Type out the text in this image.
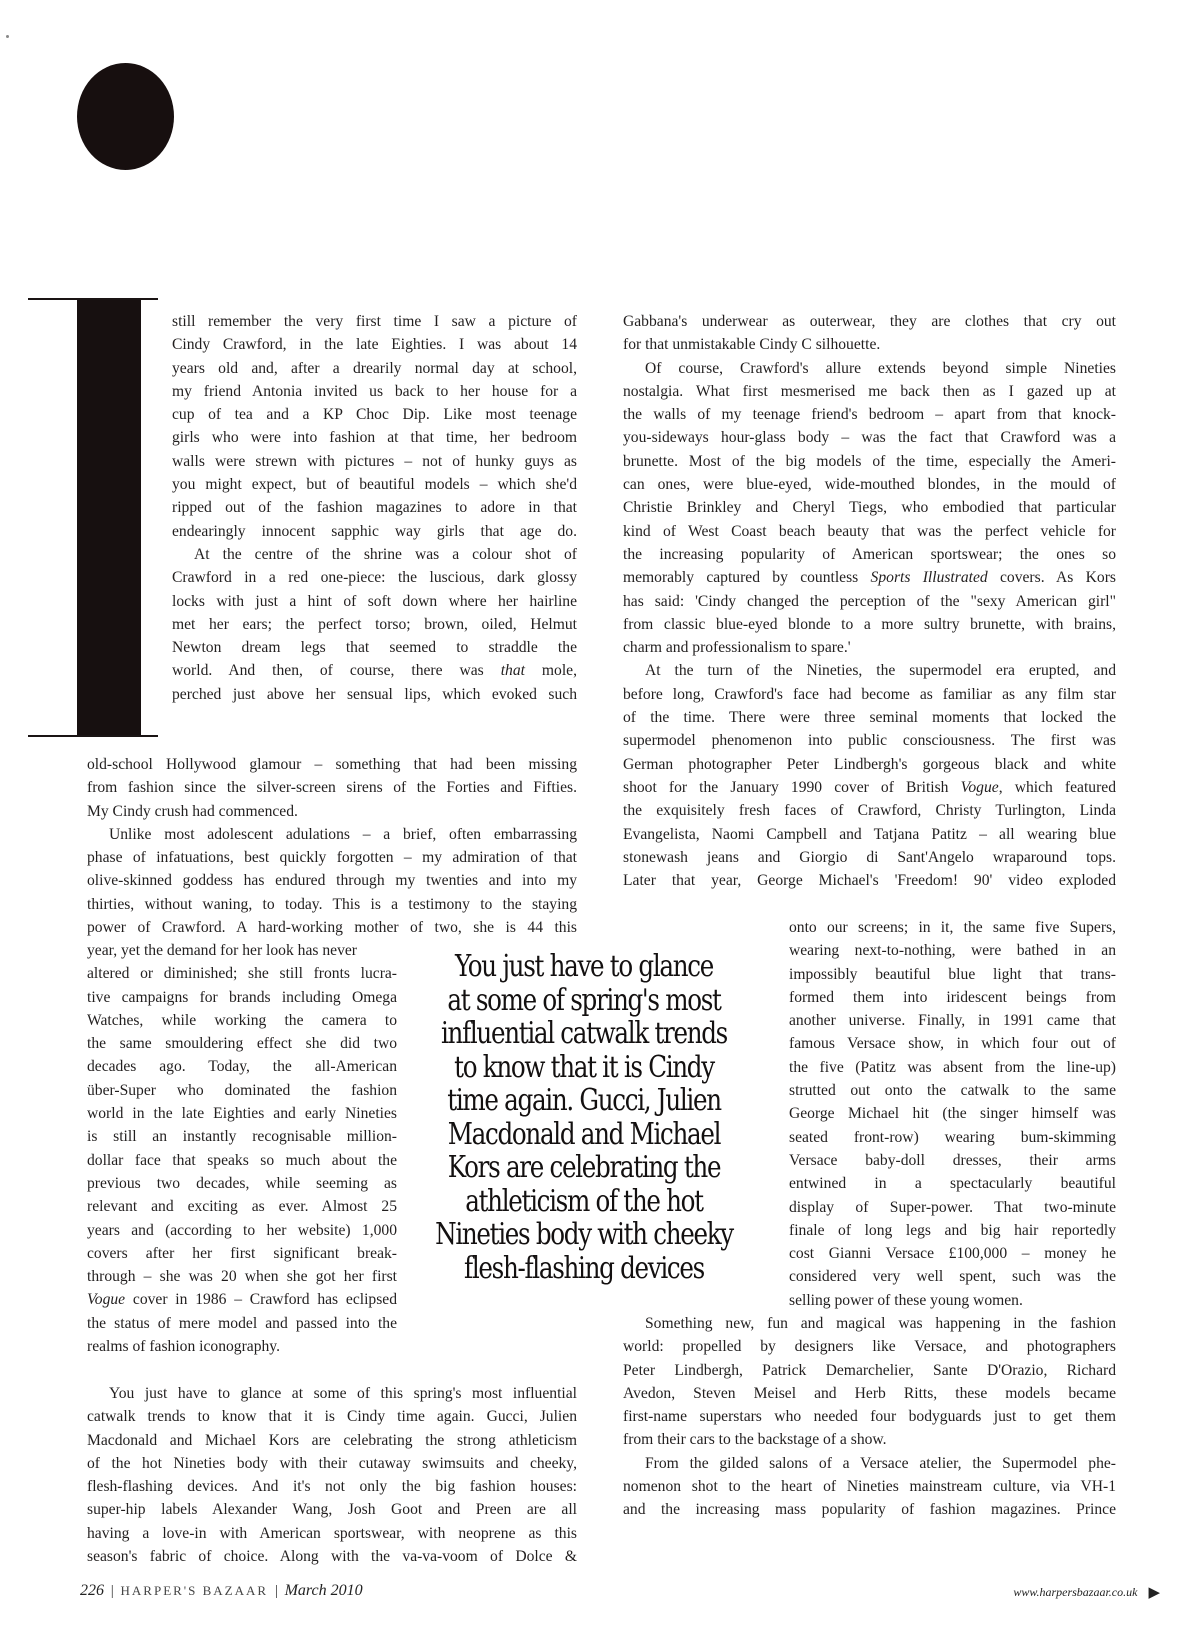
still remember the very first time I saw a picture of
Cindy Crawford, in the late Eighties. I was about 14
years old and, after a drearily normal day at school,
my friend Antonia invited us back to her house for a
cup of tea and a KP Choc Dip. Like most teenage
girls who were into fashion at that time, her bedroom
walls were strewn with pictures – not of hunky guys as
you might expect, but of beautiful models – which she'd
ripped out of the fashion magazines to adore in that
endearingly innocent sapphic way girls that age do.
At the centre of the shrine was a colour shot of
Crawford in a red one-piece: the luscious, dark glossy
locks with just a hint of soft down where her hairline
met her ears; the perfect torso; brown, oiled, Helmut
Newton dream legs that seemed to straddle the
world. And then, of course, there was that mole,
perched just above her sensual lips, which evoked such
old-school Hollywood glamour – something that had been missing
from fashion since the silver-screen sirens of the Forties and Fifties.
My Cindy crush had commenced.
Unlike most adolescent adulations – a brief, often embarrassing
phase of infatuations, best quickly forgotten – my admiration of that
olive-skinned goddess has endured through my twenties and into my
thirties, without waning, to today. This is a testimony to the staying
power of Crawford. A hard-working mother of two, she is 44 this
year, yet the demand for her look has never
altered or diminished; she still fronts lucra-
tive campaigns for brands including Omega
Watches, while working the camera to
the same smouldering effect she did two
decades ago. Today, the all-American
über-Super who dominated the fashion
world in the late Eighties and early Nineties
is still an instantly recognisable million-
dollar face that speaks so much about the
previous two decades, while seeming as
relevant and exciting as ever. Almost 25
years and (according to her website) 1,000
covers after her first significant break-
through – she was 20 when she got her first
Vogue cover in 1986 – Crawford has eclipsed
the status of mere model and passed into the
realms of fashion iconography.
You just have to glance at some of this spring's most influential
catwalk trends to know that it is Cindy time again. Gucci, Julien
Macdonald and Michael Kors are celebrating the strong athleticism
of the hot Nineties body with their cutaway swimsuits and cheeky,
flesh-flashing devices. And it's not only the big fashion houses:
super-hip labels Alexander Wang, Josh Goot and Preen are all
having a love-in with American sportswear, with neoprene as this
season's fabric of choice. Along with the va-va-voom of Dolce &
Gabbana's underwear as outerwear, they are clothes that cry out
for that unmistakable Cindy C silhouette.
Of course, Crawford's allure extends beyond simple Nineties
nostalgia. What first mesmerised me back then as I gazed up at
the walls of my teenage friend's bedroom – apart from that knock-
you-sideways hour-glass body – was the fact that Crawford was a
brunette. Most of the big models of the time, especially the Ameri-
can ones, were blue-eyed, wide-mouthed blondes, in the mould of
Christie Brinkley and Cheryl Tiegs, who embodied that particular
kind of West Coast beach beauty that was the perfect vehicle for
the increasing popularity of American sportswear; the ones so
memorably captured by countless Sports Illustrated covers. As Kors
has said: 'Cindy changed the perception of the "sexy American girl"
from classic blue-eyed blonde to a more sultry brunette, with brains,
charm and professionalism to spare.'
At the turn of the Nineties, the supermodel era erupted, and
before long, Crawford's face had become as familiar as any film star
of the time. There were three seminal moments that locked the
supermodel phenomenon into public consciousness. The first was
German photographer Peter Lindbergh's gorgeous black and white
shoot for the January 1990 cover of British Vogue, which featured
the exquisitely fresh faces of Crawford, Christy Turlington, Linda
Evangelista, Naomi Campbell and Tatjana Patitz – all wearing blue
stonewash jeans and Giorgio di Sant'Angelo wraparound tops.
Later that year, George Michael's 'Freedom! 90' video exploded
onto our screens; in it, the same five Supers,
wearing next-to-nothing, were bathed in an
impossibly beautiful blue light that trans-
formed them into iridescent beings from
another universe. Finally, in 1991 came that
famous Versace show, in which four out of
the five (Patitz was absent from the line-up)
strutted out onto the catwalk to the same
George Michael hit (the singer himself was
seated front-row) wearing bum-skimming
Versace baby-doll dresses, their arms
entwined in a spectacularly beautiful
display of Super-power. That two-minute
finale of long legs and big hair reportedly
cost Gianni Versace £100,000 – money he
considered very well spent, such was the
selling power of these young women.
Something new, fun and magical was happening in the fashion
world: propelled by designers like Versace, and photographers
Peter Lindbergh, Patrick Demarchelier, Sante D'Orazio, Richard
Avedon, Steven Meisel and Herb Ritts, these models became
first-name superstars who needed four bodyguards just to get them
from their cars to the backstage of a show.
From the gilded salons of a Versace atelier, the Supermodel phe-
nomenon shot to the heart of Nineties mainstream culture, via VH-1
and the increasing mass popularity of fashion magazines. Prince
You just have to glance
at some of spring's most
influential catwalk trends
to know that it is Cindy
time again. Gucci, Julien
Macdonald and Michael
Kors are celebrating the
athleticism of the hot
Nineties body with cheeky
flesh-flashing devices
226 | HARPER'S BAZAAR | March 2010	www.harpersbazaar.co.uk ▶
